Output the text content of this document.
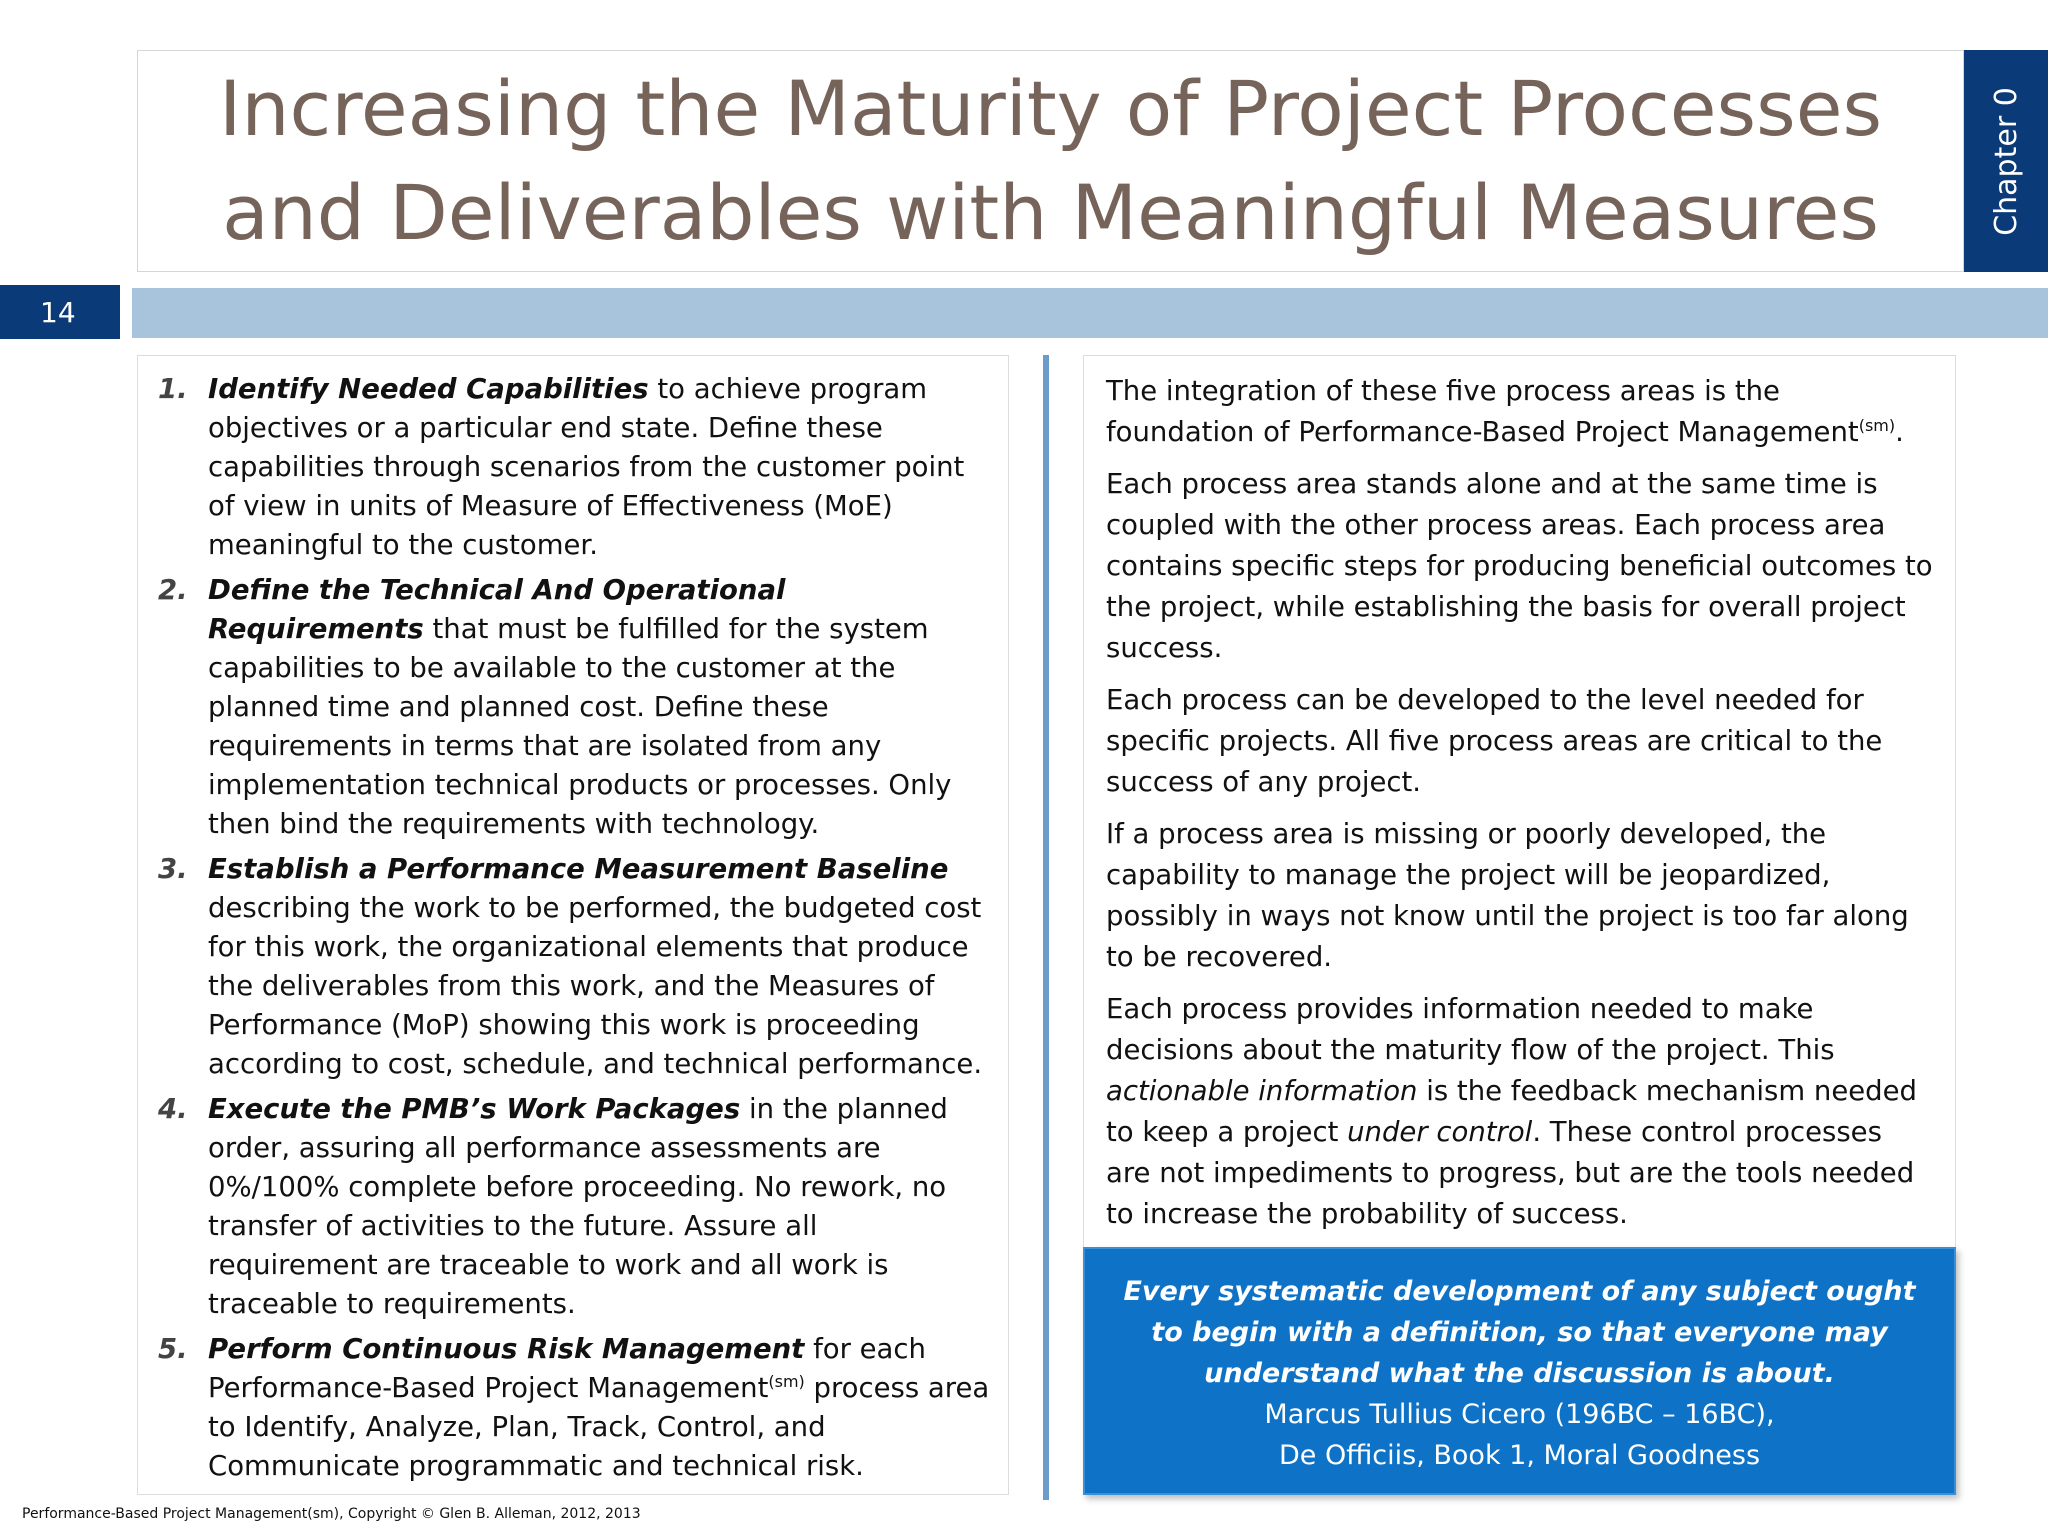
Increasing the Maturity of Project Processes
and Deliverables with Meaningful Measures	Chapter 0
14
1. Identify Needed Capabilities to achieve program objectives or a particular end state. Define these capabilities through scenarios from the customer point of view in units of Measure of Effectiveness (MoE) meaningful to the customer.
2. Define the Technical And Operational Requirements that must be fulfilled for the system capabilities to be available to the customer at the planned time and planned cost. Define these requirements in terms that are isolated from any implementation technical products or processes. Only then bind the requirements with technology.
3. Establish a Performance Measurement Baseline describing the work to be performed, the budgeted cost for this work, the organizational elements that produce the deliverables from this work, and the Measures of Performance (MoP) showing this work is proceeding according to cost, schedule, and technical performance.
4. Execute the PMB’s Work Packages in the planned order, assuring all performance assessments are 0%/100% complete before proceeding. No rework, no transfer of activities to the future. Assure all requirement are traceable to work and all work is traceable to requirements.
5. Perform Continuous Risk Management for each Performance-Based Project Management$^{(sm)}$ process area to Identify, Analyze, Plan, Track, Control, and Communicate programmatic and technical risk.

The integration of these five process areas is the foundation of Performance-Based Project Management$^{(sm)}$.

Each process area stands alone and at the same time is coupled with the other process areas. Each process area contains specific steps for producing beneficial outcomes to the project, while establishing the basis for overall project success.

Each process can be developed to the level needed for specific projects. All five process areas are critical to the success of any project.

If a process area is missing or poorly developed, the capability to manage the project will be jeopardized, possibly in ways not know until the project is too far along to be recovered.

Each process provides information needed to make decisions about the maturity flow of the project. This actionable information is the feedback mechanism needed to keep a project under control. These control processes are not impediments to progress, but are the tools needed to increase the probability of success.

Every systematic development of any subject ought to begin with a definition, so that everyone may understand what the discussion is about.

Marcus Tullius Cicero (196BC – 16BC),

De Officiis, Book 1, Moral Goodness

Performance-Based Project Management(sm), Copyright © Glen B. Alleman, 2012, 2013
